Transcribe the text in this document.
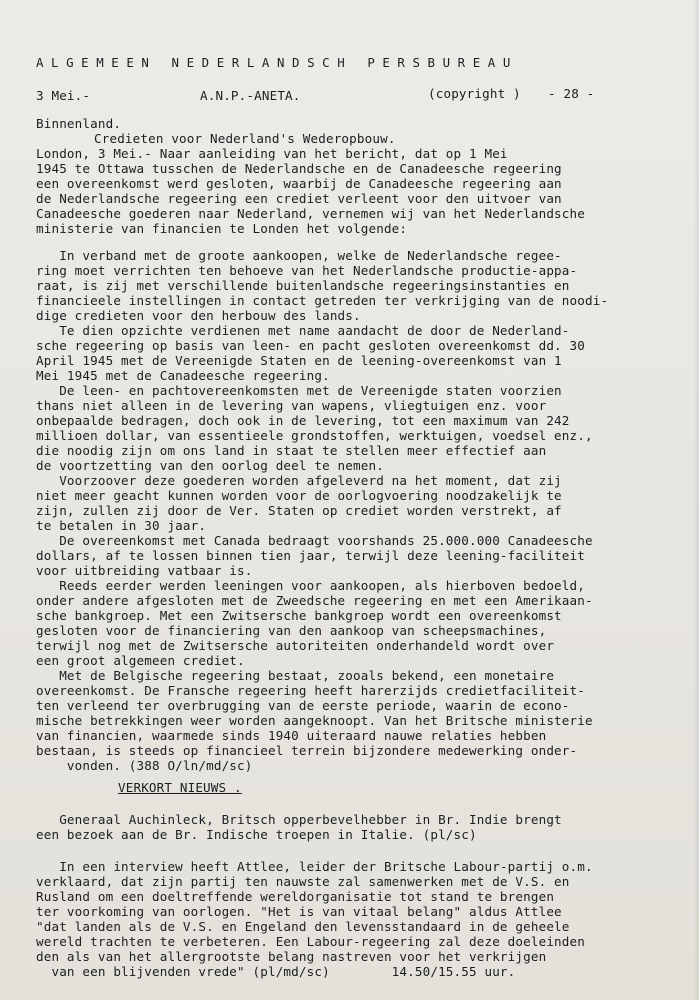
ALGEMEEN NEDERLANDSCH PERSBUREAU
3 Mei.-	A.N.P.-ANETA.	(copyright ) - 28 -
Binnenland.
Credieten voor Nederland's Wederopbouw.
London, 3 Mei.- Naar aanleiding van het bericht, dat op 1 Mei
1945 te Ottawa tusschen de Nederlandsche en de Canadeesche regeering
een overeenkomst werd gesloten, waarbij de Canadeesche regeering aan
de Nederlandsche regeering een crediet verleent voor den uitvoer van
Canadeesche goederen naar Nederland, vernemen wij van het Nederlandsche
ministerie van financien te Londen het volgende:
In verband met de groote aankoopen, welke de Nederlandsche regee-
ring moet verrichten ten behoeve van het Nederlandsche productie-appa-
raat, is zij met verschillende buitenlandsche regeeringsinstanties en
financieele instellingen in contact getreden ter verkrijging van de noodi-
dige credieten voor den herbouw des lands.
Te dien opzichte verdienen met name aandacht de door de Nederland-
sche regeering op basis van leen- en pacht gesloten overeenkomst dd. 30
April 1945 met de Vereenigde Staten en de leening-overeenkomst van 1
Mei 1945 met de Canadeesche regeering.
De leen- en pachtovereenkomsten met de Vereenigde staten voorzien
thans niet alleen in de levering van wapens, vliegtuigen enz. voor
onbepaalde bedragen, doch ook in de levering, tot een maximum van 242
millioen dollar, van essentieele grondstoffen, werktuigen, voedsel enz.,
die noodig zijn om ons land in staat te stellen meer effectief aan
de voortzetting van den oorlog deel te nemen.
Voorzoover deze goederen worden afgeleverd na het moment, dat zij
niet meer geacht kunnen worden voor de oorlogvoering noodzakelijk te
zijn, zullen zij door de Ver. Staten op crediet worden verstrekt, af
te betalen in 30 jaar.
De overeenkomst met Canada bedraagt voorshands 25.000.000 Canadeesche
dollars, af te lossen binnen tien jaar, terwijl deze leening-faciliteit
voor uitbreiding vatbaar is.
Reeds eerder werden leeningen voor aankoopen, als hierboven bedoeld,
onder andere afgesloten met de Zweedsche regeering en met een Amerikaan-
sche bankgroep. Met een Zwitsersche bankgroep wordt een overeenkomst
gesloten voor de financiering van den aankoop van scheepsmachines,
terwijl nog met de Zwitsersche autoriteiten onderhandeld wordt over
een groot algemeen crediet.
Met de Belgische regeering bestaat, zooals bekend, een monetaire
overeenkomst. De Fransche regeering heeft harerzijds credietfaciliteit-
ten verleend ter overbrugging van de eerste periode, waarin de econo-
mische betrekkingen weer worden aangeknoopt. Van het Britsche ministerie
van financien, waarmede sinds 1940 uiteraard nauwe relaties hebben
bestaan, is steeds op financieel terrein bijzondere medewerking onder-
vonden. (388 O/ln/md/sc)
VERKORT NIEUWS .
Generaal Auchinleck, Britsch opperbevelhebber in Br. Indie brengt
een bezoek aan de Br. Indische troepen in Italie. (pl/sc)
In een interview heeft Attlee, leider der Britsche Labour-partij o.m.
verklaard, dat zijn partij ten nauwste zal samenwerken met de V.S. en
Rusland om een doeltreffende wereldorganisatie tot stand te brengen
ter voorkoming van oorlogen. "Het is van vitaal belang" aldus Attlee
"dat landen als de V.S. en Engeland den levensstandaard in de geheele
wereld trachten te verbeteren. Een Labour-regeering zal deze doeleinden
den als van het allergrootste belang nastreven voor het verkrijgen
van een blijvenden vrede" (pl/md/sc)        14.50/15.55 uur.
